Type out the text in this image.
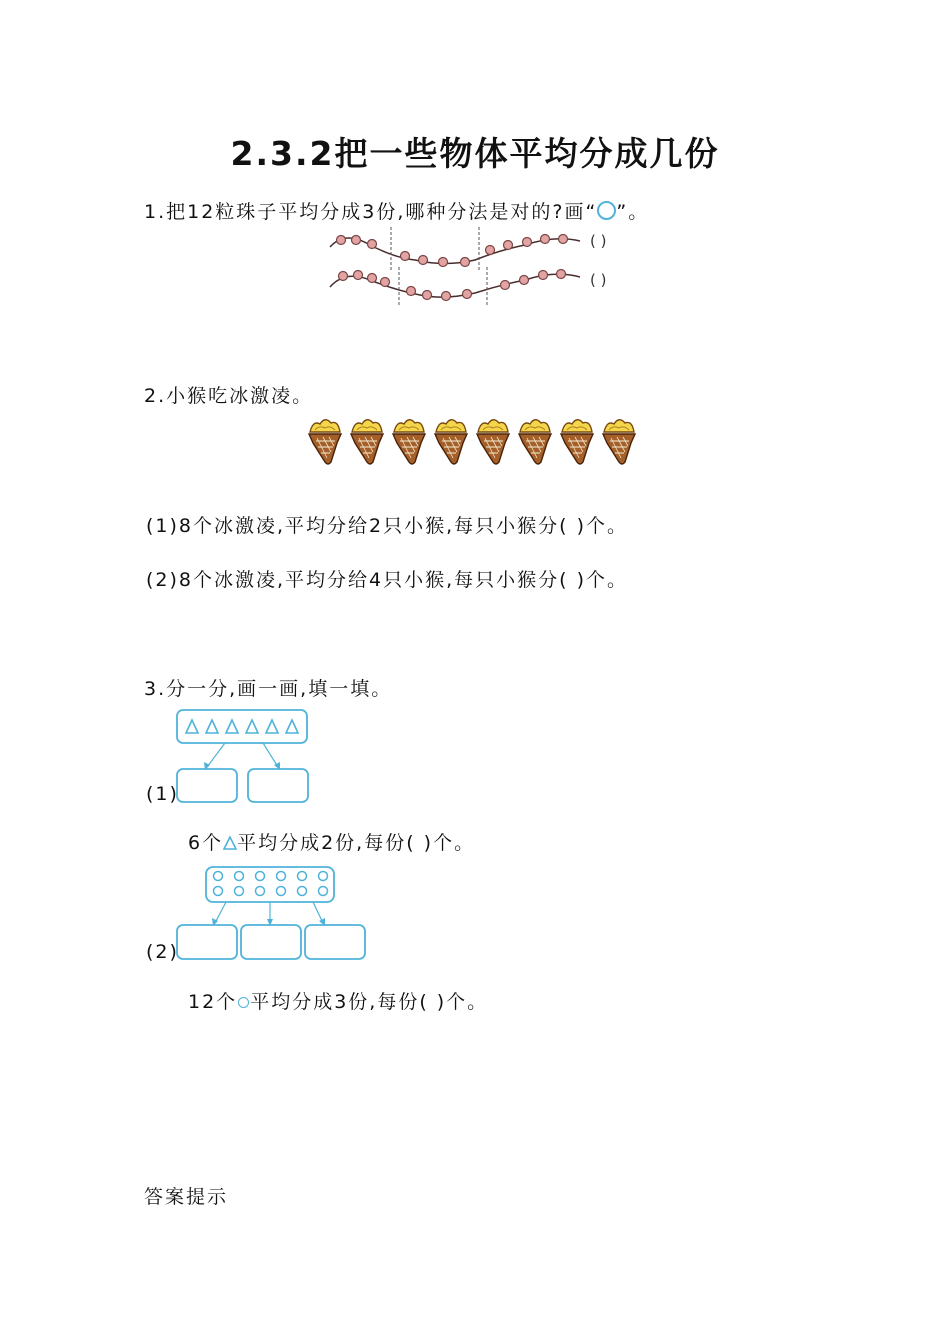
2.3.2把一些物体平均分成几份
1.把12粒珠子平均分成3份,哪种分法是对的?画“ ”。
( )
( )
2.小猴吃冰激凌。
(1)8个冰激凌,平均分给2只小猴,每只小猴分( )个。
(2)8个冰激凌,平均分给4只小猴,每只小猴分( )个。
3.分一分,画一画,填一填。
(1)
6个 平均分成2份,每份( )个。
(2)
12个 平均分成3份,每份( )个。
答案提示
